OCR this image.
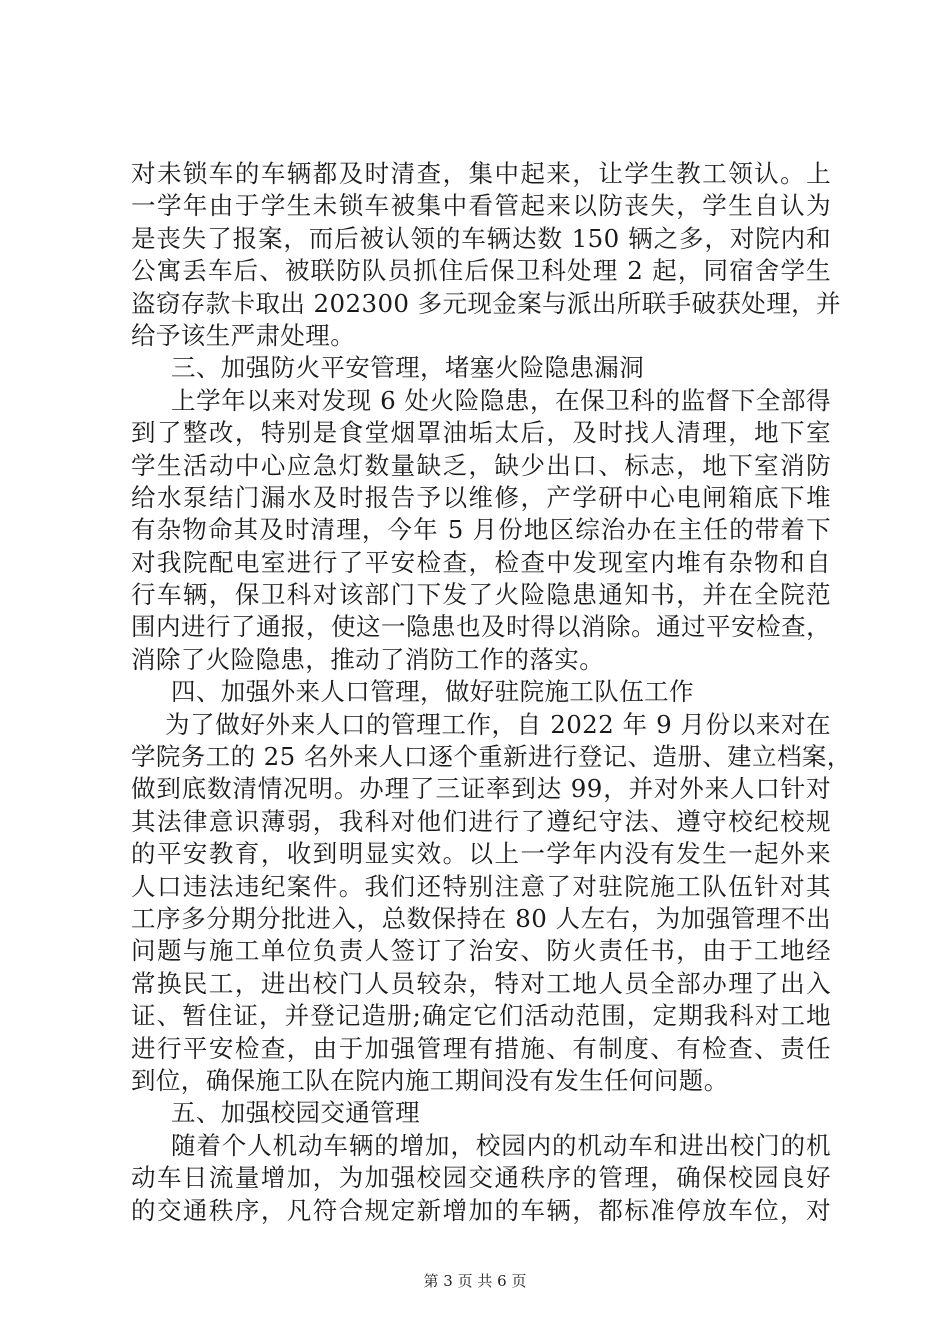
对未锁车的车辆都及时清查，集中起来，让学生教工领认。上
一学年由于学生未锁车被集中看管起来以防丧失，学生自认为
是丧失了报案，而后被认领的车辆达数 150 辆之多，对院内和
公寓丢车后、被联防队员抓住后保卫科处理 2 起，同宿舍学生
盗窃存款卡取出 202300 多元现金案与派出所联手破获处理，并
给予该生严肃处理。
三、加强防火平安管理，堵塞火险隐患漏洞
上学年以来对发现 6 处火险隐患，在保卫科的监督下全部得
到了整改，特别是食堂烟罩油垢太后，及时找人清理，地下室
学生活动中心应急灯数量缺乏，缺少出口、标志，地下室消防
给水泵结门漏水及时报告予以维修，产学研中心电闸箱底下堆
有杂物命其及时清理，今年 5 月份地区综治办在主任的带着下
对我院配电室进行了平安检查，检查中发现室内堆有杂物和自
行车辆，保卫科对该部门下发了火险隐患通知书，并在全院范
围内进行了通报，使这一隐患也及时得以消除。通过平安检查，
消除了火险隐患，推动了消防工作的落实。
四、加强外来人口管理，做好驻院施工队伍工作
为了做好外来人口的管理工作，自 2022 年 9 月份以来对在
学院务工的 25 名外来人口逐个重新进行登记、造册、建立档案，
做到底数清情况明。办理了三证率到达 99，并对外来人口针对
其法律意识薄弱，我科对他们进行了遵纪守法、遵守校纪校规
的平安教育，收到明显实效。以上一学年内没有发生一起外来
人口违法违纪案件。我们还特别注意了对驻院施工队伍针对其
工序多分期分批进入，总数保持在 80 人左右，为加强管理不出
问题与施工单位负责人签订了治安、防火责任书，由于工地经
常换民工，进出校门人员较杂，特对工地人员全部办理了出入
证、暂住证，并登记造册;确定它们活动范围，定期我科对工地
进行平安检查，由于加强管理有措施、有制度、有检查、责任
到位，确保施工队在院内施工期间没有发生任何问题。
五、加强校园交通管理
随着个人机动车辆的增加，校园内的机动车和进出校门的机
动车日流量增加，为加强校园交通秩序的管理，确保校园良好
的交通秩序，凡符合规定新增加的车辆，都标准停放车位，对
第 3 页 共 6 页
